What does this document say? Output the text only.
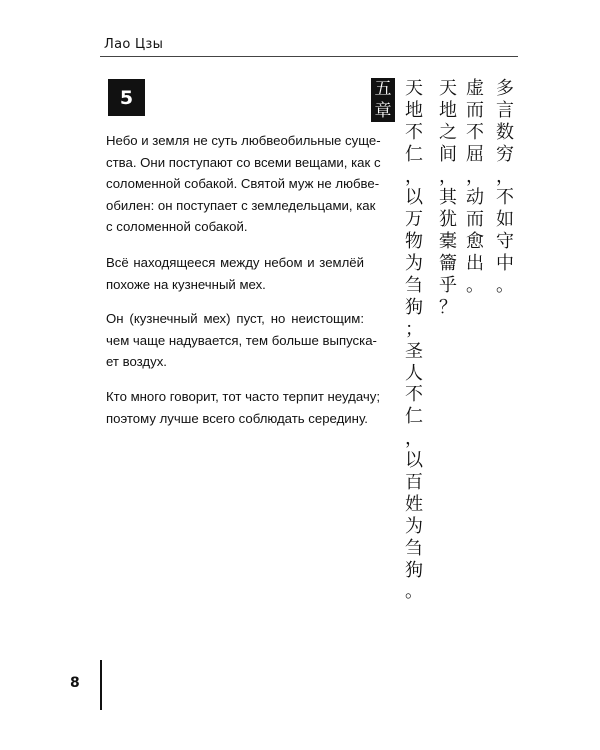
Лао Цзы
5

Небо и земля не суть любвеобильные суще-
ства. Они поступают со всеми вещами, как с
соломенной собакой. Святой муж не любве-
обилен: он поступает с земледельцами, как
с соломенной собакой.

Всё находящееся между небом и землёй
похоже на кузнечный мех.

Он (кузнечный мех) пуст, но неистощим:
чем чаще надувается, тем больше выпуска-
ет воздух.

Кто много говорит, тот часто терпит неудачу;
поэтому лучше всего соблюдать середину.

五
章
天
地
不
仁
，
以
万
物
为
刍
狗
；
圣
人
不
仁
，
以
百
姓
为
刍
狗
。
天
地
之
间
，
其
犹
橐
籥
乎
？
虚
而
不
屈
，
动
而
愈
出
。
多
言
数
穷
，
不
如
守
中
。
8
